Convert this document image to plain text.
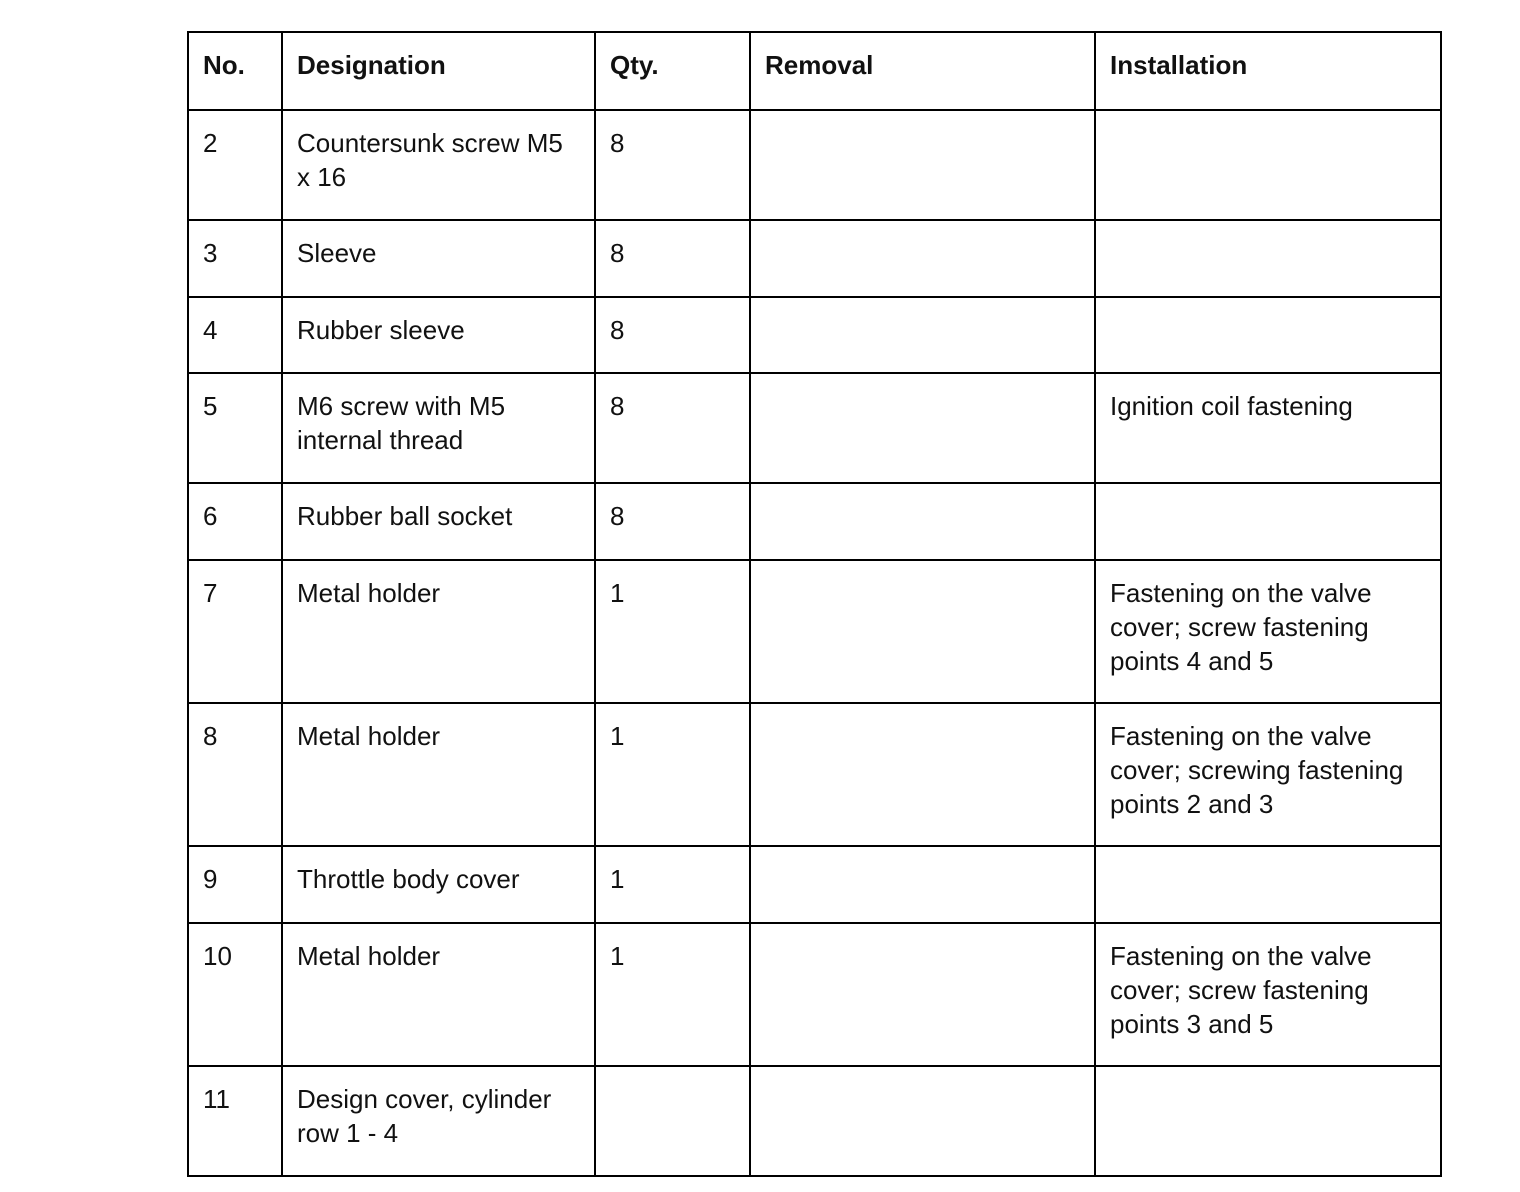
No.	Designation	Qty.	Removal	Installation
2	Countersunk screw M5 x 16	8		
3	Sleeve	8		
4	Rubber sleeve	8		
5	M6 screw with M5 internal thread	8		Ignition coil fastening
6	Rubber ball socket	8		
7	Metal holder	1		Fastening on the valve cover; screw fastening points 4 and 5
8	Metal holder	1		Fastening on the valve cover; screwing fastening points 2 and 3
9	Throttle body cover	1		
10	Metal holder	1		Fastening on the valve cover; screw fastening points 3 and 5
11	Design cover, cylinder row 1 - 4			
